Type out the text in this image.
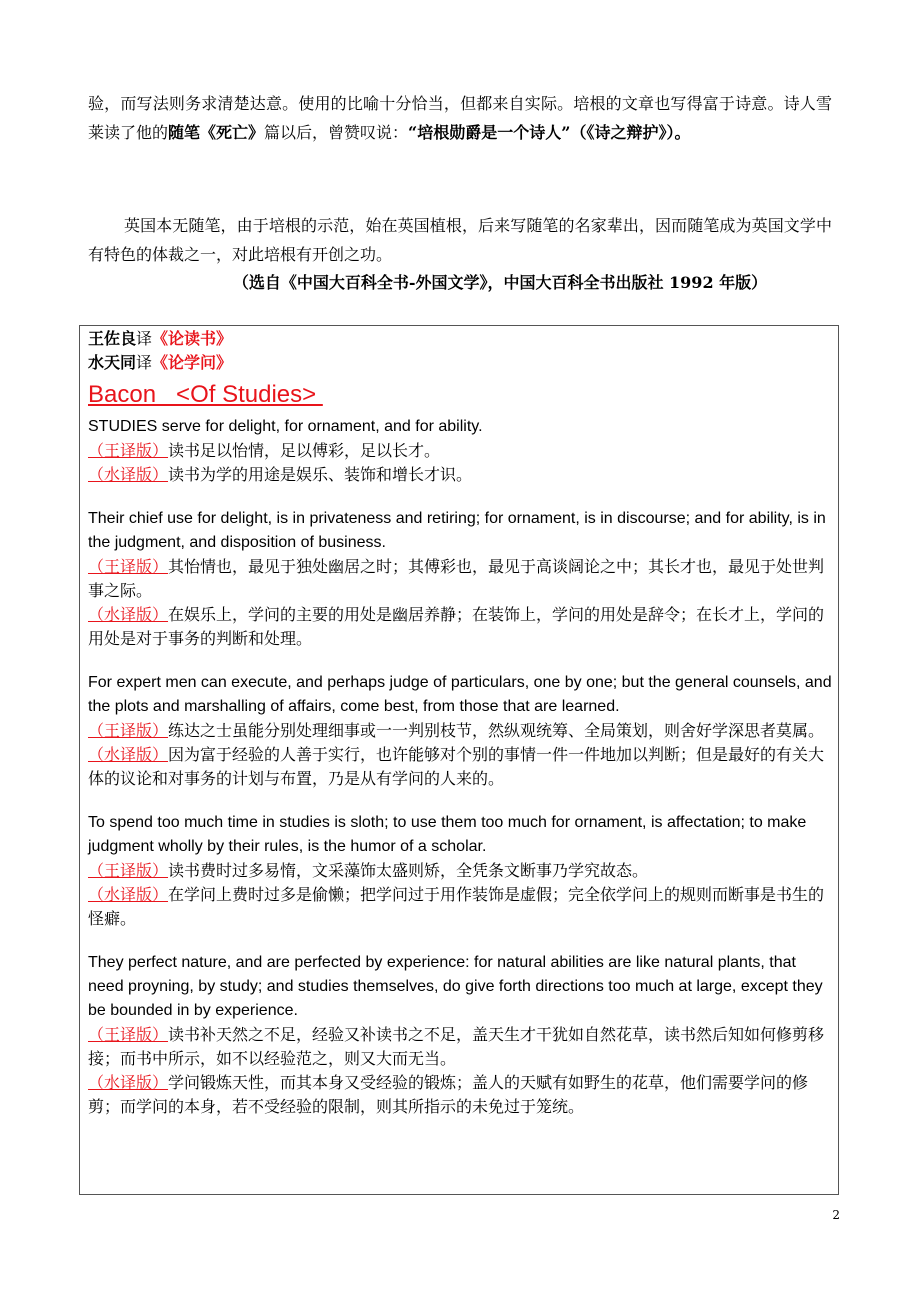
验，而写法则务求清楚达意。使用的比喻十分恰当，但都来自实际。培根的文章也写得富于诗意。诗人雪莱读了他的随笔《死亡》篇以后，曾赞叹说：“培根勋爵是一个诗人”（《诗之辩护》）。
英国本无随笔，由于培根的示范，始在英国植根，后来写随笔的名家辈出，因而随笔成为英国文学中有特色的体裁之一，对此培根有开创之功。
（选自《中国大百科全书-外国文学》，中国大百科全书出版社 1992 年版）
王佐良译《论读书》
水天同译《论学问》
Bacon   <Of Studies>
STUDIES serve for delight, for ornament, and for ability.
（王译版）读书足以怡情，足以傅彩，足以长才。
（水译版）读书为学的用途是娱乐、装饰和增长才识。
Their chief use for delight, is in privateness and retiring; for ornament, is in discourse; and for ability, is in the judgment, and disposition of business.
（王译版）其怡情也，最见于独处幽居之时；其傅彩也，最见于高谈阔论之中；其长才也，最见于处世判事之际。
（水译版）在娱乐上，学问的主要的用处是幽居养静；在装饰上，学问的用处是辞令；在长才上，学问的用处是对于事务的判断和处理。
For expert men can execute, and perhaps judge of particulars, one by one; but the general counsels, and the plots and marshalling of affairs, come best, from those that are learned.
（王译版）练达之士虽能分别处理细事或一一判别枝节，然纵观统筹、全局策划，则舍好学深思者莫属。
（水译版）因为富于经验的人善于实行，也许能够对个别的事情一件一件地加以判断；但是最好的有关大体的议论和对事务的计划与布置，乃是从有学问的人来的。
To spend too much time in studies is sloth; to use them too much for ornament, is affectation; to make judgment wholly by their rules, is the humor of a scholar.
（王译版）读书费时过多易惰，文采藻饰太盛则矫，全凭条文断事乃学究故态。
（水译版）在学问上费时过多是偷懒；把学问过于用作装饰是虚假；完全依学问上的规则而断事是书生的怪癖。
They perfect nature, and are perfected by experience: for natural abilities are like natural plants, that need proyning, by study; and studies themselves, do give forth directions too much at large, except they be bounded in by experience.
（王译版）读书补天然之不足，经验又补读书之不足，盖天生才干犹如自然花草，读书然后知如何修剪移接；而书中所示，如不以经验范之，则又大而无当。
（水译版）学问锻炼天性，而其本身又受经验的锻炼；盖人的天赋有如野生的花草，他们需要学问的修剪；而学问的本身，若不受经验的限制，则其所指示的未免过于笼统。
2
